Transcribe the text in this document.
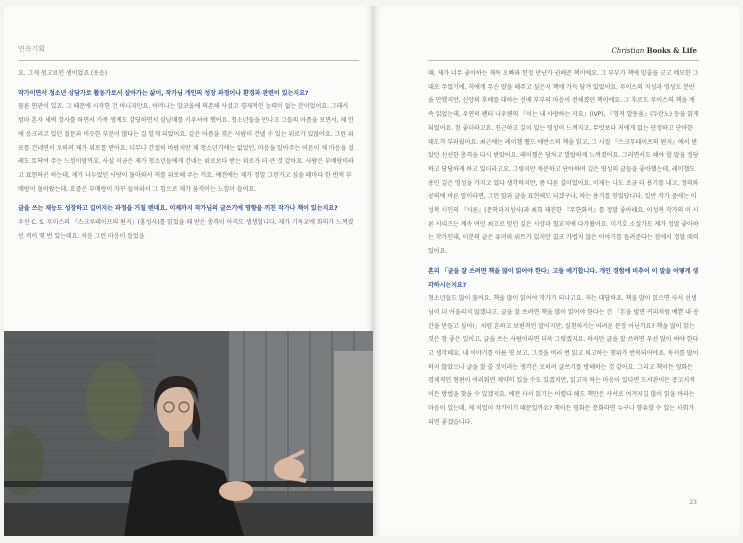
연속기획

요. 그게 원고료인 셈이었죠.(웃음)

작가이면서 청소년 상담가로 활동가로서 살아가는 삶이, 작가님 개인의 성장 과정이나 환경과 관련이 있는지요?

물론 연관이 있죠. 그 때문에 시작한 건 아니지만요. 어머니는 알코올에 의존해 사셨고 경제적인 능력이 없는 분이었어요. 그래서 엄마 혼자 새벽 장사를 하면서 가족 생계도 감당하면서 삼남매를 키우셔야 했어요. 청소년들을 만나고 그들의 아픔을 보면서, 제 안에 응크리고 있던 질문과 비슷한 부분이 많다는 걸 알게 되었어요. 같은 아픔을 겪은 사람이 건넬 수 있는 위로가 있잖아요. 그런 위로를 건네면서 오히려 제가 위로를 받아요. 너무나 간절히 바랐지만 제 청소년기에는 없었던, 마음을 알아주는 어른이 제 마음을 설레도 토닥여 주는 느낌이랄까요. 사실 지금은 제가 청소년들에게 건네는 위로보다 받는 위로가 더 큰 것 같아요. 사람은 부메랑이라고 표현하곤 하는데, 제가 나누었던 사랑이 돌아와서 저를 위로해 주는 거죠. 예전에는 제가 정말 그런가고 싶을 때마다 한 번씩 부메랑이 돌아왔는데, 요즘은 부메랑이 자꾸 들어와서 그 힘으로 제가 움직이는 느낌이 들어요.

글을 쓰는 재능도 성장하고 길어지는 과정을 거칠 텐데요. 이제까지 작가님의 글쓰기에 영향을 끼친 작가나 책이 있는지요?

우선 C. S. 루이스의 『스크루테이프의 편지』(홍성사)를 읽었을 때 받은 충격이 아직도 생생합니다. 제가 기독교에 회의가 느껴졌던 적이 몇 번 있는데요. 처음 그런 마음이 들었을

Christian Books & Life

때. 제가 너무 좋아하는 재독 오빠와 헌정 만난가 권해준 책이에요. 그 부부가 책에 밑줄을 긋고 메모한 그대로 주었기에, 저에게 무슨 말을 해주고 싶은지 책에 가득 담겨 있었어요. 루이스의 지성과 영성도 분반을 만했지만, 신앙의 후배를 대하는 선배 부부의 마음이 전해졌던 책이에요. 그 후로도 루이스의 책을 계속 읽었는데, 우연히 펜티 나우웬의 『이는 내 사랑하는 자요』(IVP), 『영적 발돋움』(두란노) 등을 읽게 되었어요. 참 좋더라고요. 친근하고 깊이 있는 영성이 느껴지고, 무엇보다 저에게 없는 단정하고 단아한 태도가 부러웠어요. 최근에는 레이첼 헬드 에반스의 책을 읽고, 그 시절 『스크루테이프의 편지』에서 받았던 신선한 충격을 다시 받았어요. 레이첼은 당차고 발랄하게 느껴졌어요. 그러면서도 해야 할 말을 정당하고 당당하게 하고 있더라고요. 그렇지만 차분하고 단아하며 깊은 영성의 글들을 좋아했는데, 레이첼도 용민 깊은 영성을 가지고 있다 생각하지만, 좀 다른 결이었어요. 이제는 나도 조금 더 용기를 내고, 정의와 공의에 바른 말이라면, 그런 말과 글을 표현해도 되겠구나, 하는 용기를 얻었답니다. 일반 작가 중에는 이성복 시인의 『시론』(문학과지성사)과 최희 제진한 『무한화서』를 정말 좋아해요. 이성복 작가의 이 시론 시리즈는 계속 여던 최고로 얻던 깊은 시상과 철교지에 다가왔어요. 이기호 소설가도 제가 정말 좋아하는 작가인데, 이분의 글은 유머와 위트가 있지만 결코 가볍지 않은 이야기를 들려준다는 점에서 정말 매력있어요.

혼리 「글을 잘 쓰려면 책을 많이 읽어야 한다」고들 얘기합니다. 개인 경험에 비추어 이 말을 어떻게 생각하시는지요?

청소년들도 많이 물어요. 책을 많이 읽어야 작가가 되나고요. 저는 대답하죠. 책을 많이 읽으면 사서 선생님이 더 어울리지 않겠냐고. 글을 잘 쓰려면 책을 많이 읽어야 한다는 건 「돈을 벌면 커피처럼 예쁜 내 공간을 만들고 싶어!」처럼 흔하고 보편적인 말이지만, 실천하기는 어려운 문장 아닌가요? 책을 많이 읽는 것은 참 좋은 일이고, 글을 쓰는 사람이라면 더욱 그렇겠지요. 하지만 글을 잘 쓰려면 우선 많이 써야 한다고 생각해요. 내 이야기를 아름 엿 보고, 그것을 여러 번 읽고 퇴고하는 행위가 반복되어야죠. 독서를 많이 하지 않았으나 글을 잘 쓸 것이라는 생각은 오히려 글쓰기를 방해하는 것 같아요. 그리고 책이든 영화든 경제적인 형편이 여러워면 제약이 있을 수도 있겠지만, 읽고자 하는 마음이 있다면 도서관이든 중고서적이든 방법을 찾을 수 있겠지요. 예전 사서 읽기는 어렵다 해도 책만은 사서로 여겨지길 많이 읽을 바라는 마음이 있는데, 제 직업이 작가이기 때문일까요? 책이든 영화든 문화라면 누구나 향유할 수 있는 사회가 되면 좋겠습니다.

23
